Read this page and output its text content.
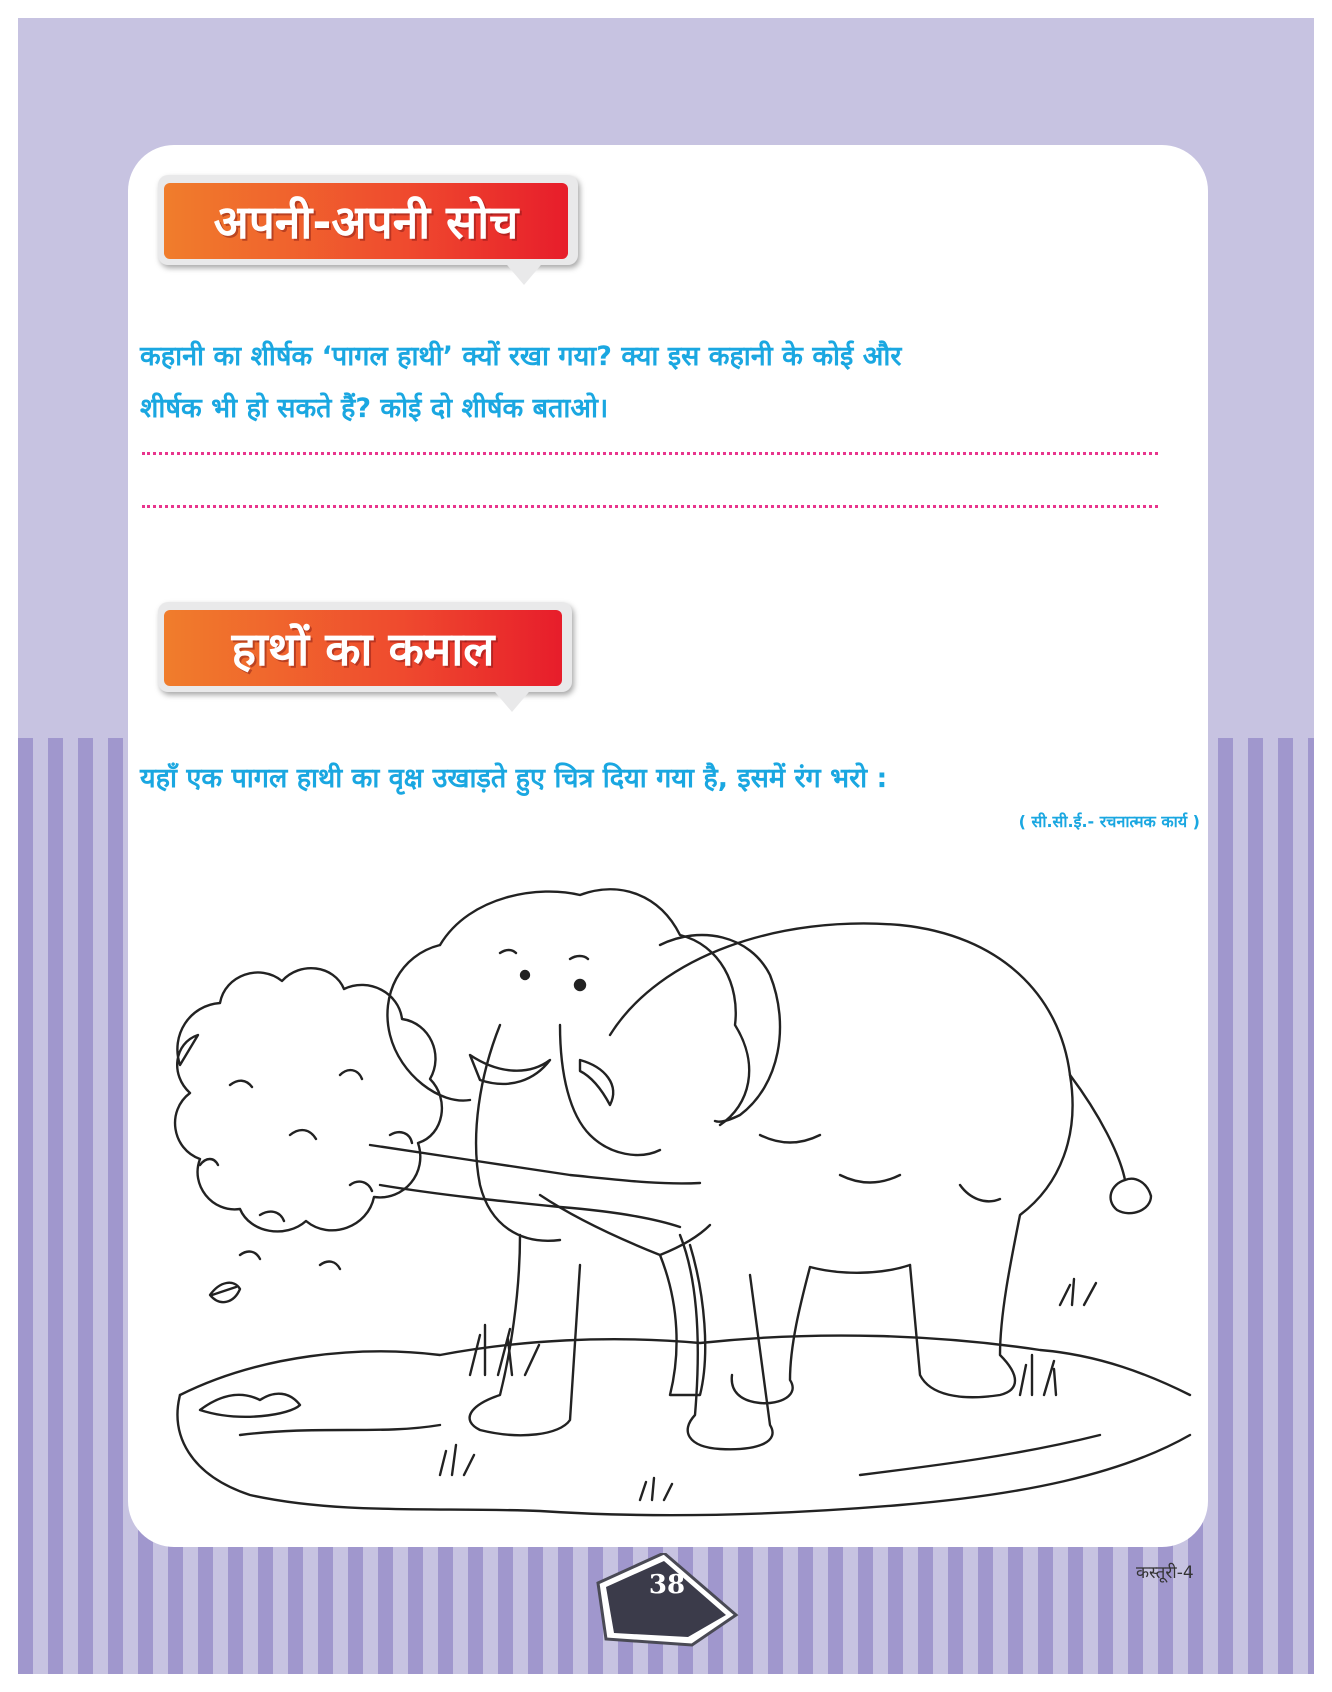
अपनी-अपनी सोच
कहानी का शीर्षक ‘पागल हाथी’ क्यों रखा गया? क्या इस कहानी के कोई और
शीर्षक भी हो सकते हैं? कोई दो शीर्षक बताओ।
हाथों का कमाल
यहाँ एक पागल हाथी का वृक्ष उखाड़ते हुए चित्र दिया गया है, इसमें रंग भरो :
( सी.सी.ई.- रचनात्मक कार्य )
38	कस्तूरी-4
